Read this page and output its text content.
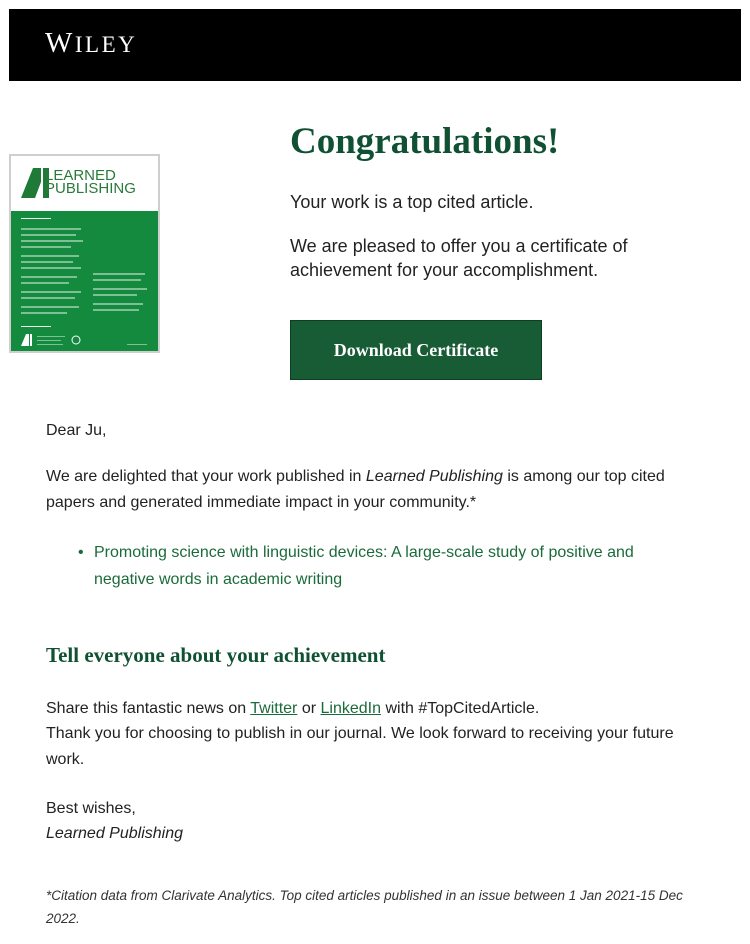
WILEY
LEARNED
PUBLISHING
Congratulations!
Your work is a top cited article.
We are pleased to offer you a certificate of achievement for your accomplishment.
Download Certificate
Dear Ju,
We are delighted that your work published in Learned Publishing is among our top cited papers and generated immediate impact in your community.*
• Promoting science with linguistic devices: A large-scale study of positive and negative words in academic writing
Tell everyone about your achievement
Share this fantastic news on Twitter or LinkedIn with #TopCitedArticle.
Thank you for choosing to publish in our journal. We look forward to receiving your future work.
Best wishes,
Learned Publishing
*Citation data from Clarivate Analytics. Top cited articles published in an issue between 1 Jan 2021-15 Dec 2022.
